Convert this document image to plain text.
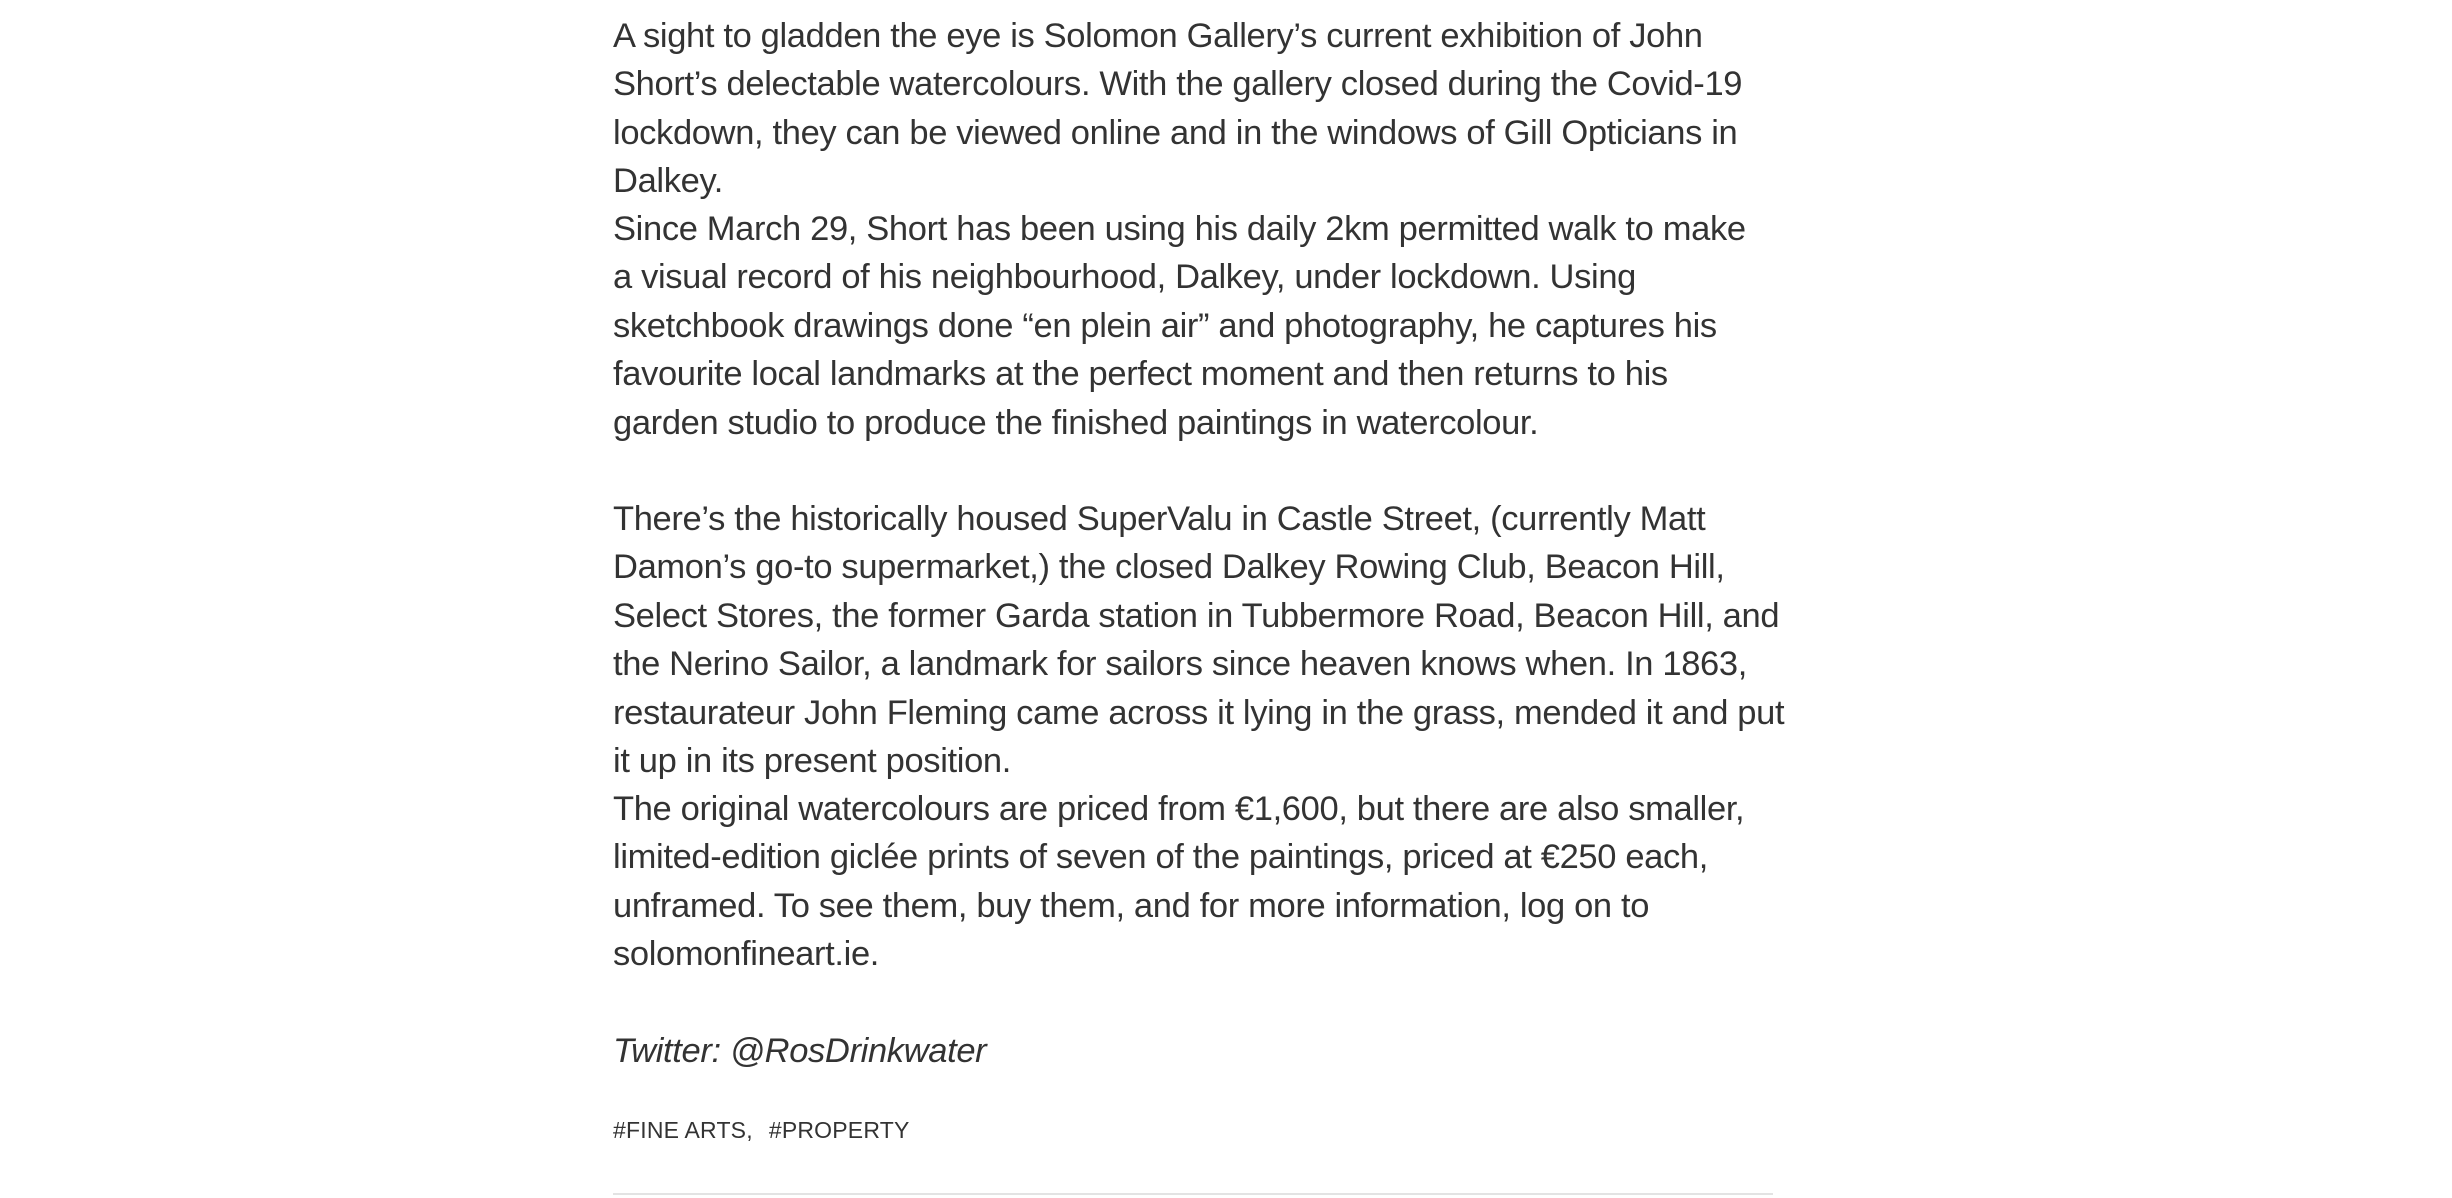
A sight to gladden the eye is Solomon Gallery’s current exhibition of John Short’s delectable watercolours. With the gallery closed during the Covid-19 lockdown, they can be viewed online and in the windows of Gill Opticians in Dalkey.

Since March 29, Short has been using his daily 2km permitted walk to make a visual record of his neighbourhood, Dalkey, under lockdown. Using sketchbook drawings done “en plein air” and photography, he captures his favourite local landmarks at the perfect moment and then returns to his garden studio to produce the finished paintings in watercolour.

There’s the historically housed SuperValu in Castle Street, (currently Matt Damon’s go-to supermarket,) the closed Dalkey Rowing Club, Beacon Hill, Select Stores, the former Garda station in Tubbermore Road, Beacon Hill, and the Nerino Sailor, a landmark for sailors since heaven knows when. In 1863, restaurateur John Fleming came across it lying in the grass, mended it and put it up in its present position.

The original watercolours are priced from €1,600, but there are also smaller, limited-edition giclée prints of seven of the paintings, priced at €250 each, unframed. To see them, buy them, and for more information, log on to solomonfineart.ie.

Twitter: @RosDrinkwater

#FINE ARTS , #PROPERTY
